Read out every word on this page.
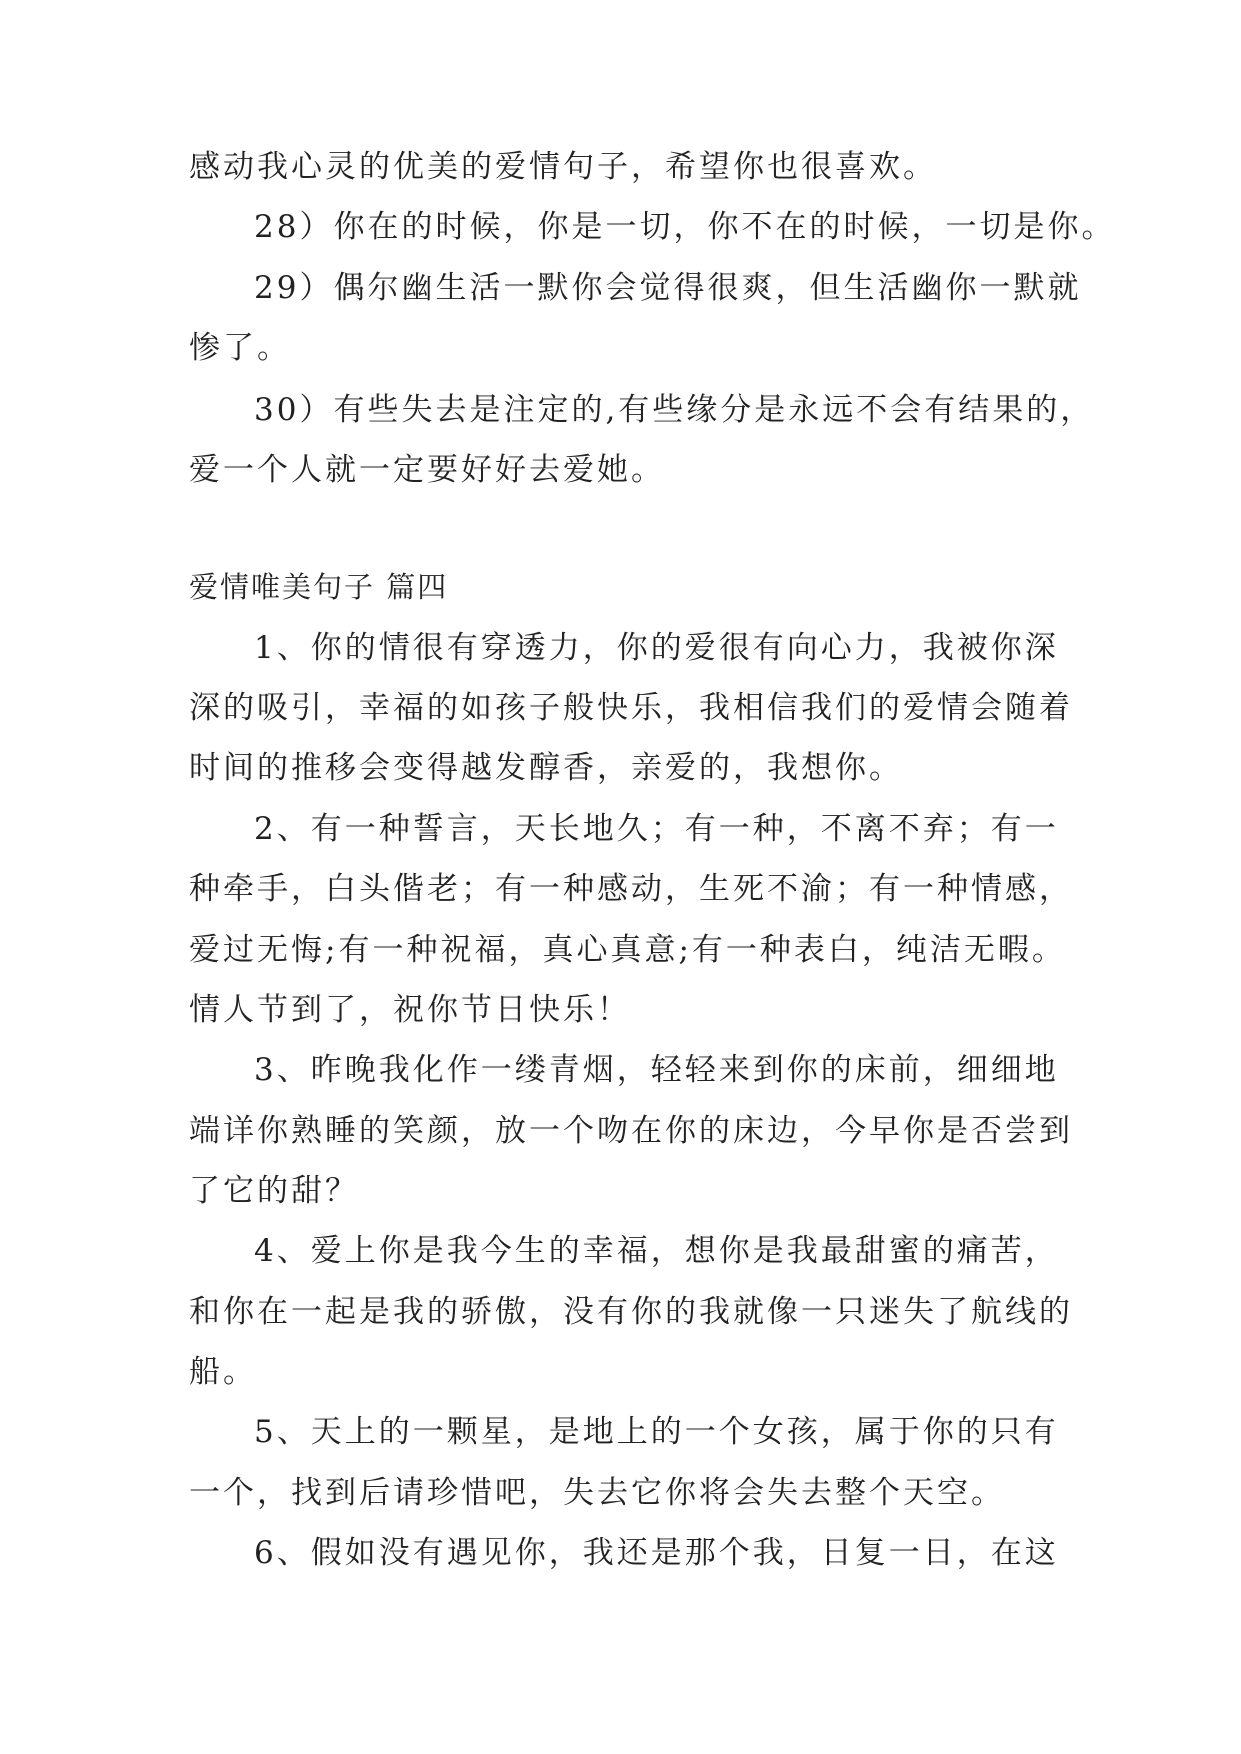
感动我心灵的优美的爱情句子，希望你也很喜欢。
28）你在的时候，你是一切，你不在的时候，一切是你。
29）偶尔幽生活一默你会觉得很爽，但生活幽你一默就
惨了。
30）有些失去是注定的,有些缘分是永远不会有结果的，
爱一个人就一定要好好去爱她。
爱情唯美句子 篇四
1、你的情很有穿透力，你的爱很有向心力，我被你深
深的吸引，幸福的如孩子般快乐，我相信我们的爱情会随着
时间的推移会变得越发醇香，亲爱的，我想你。
2、有一种誓言，天长地久；有一种，不离不弃；有一
种牵手，白头偕老；有一种感动，生死不渝；有一种情感，
爱过无悔;有一种祝福，真心真意;有一种表白，纯洁无暇。
情人节到了，祝你节日快乐！
3、昨晚我化作一缕青烟，轻轻来到你的床前，细细地
端详你熟睡的笑颜，放一个吻在你的床边，今早你是否尝到
了它的甜？
4、爱上你是我今生的幸福，想你是我最甜蜜的痛苦，
和你在一起是我的骄傲，没有你的我就像一只迷失了航线的
船。
5、天上的一颗星，是地上的一个女孩，属于你的只有
一个，找到后请珍惜吧，失去它你将会失去整个天空。
6、假如没有遇见你，我还是那个我，日复一日，在这
